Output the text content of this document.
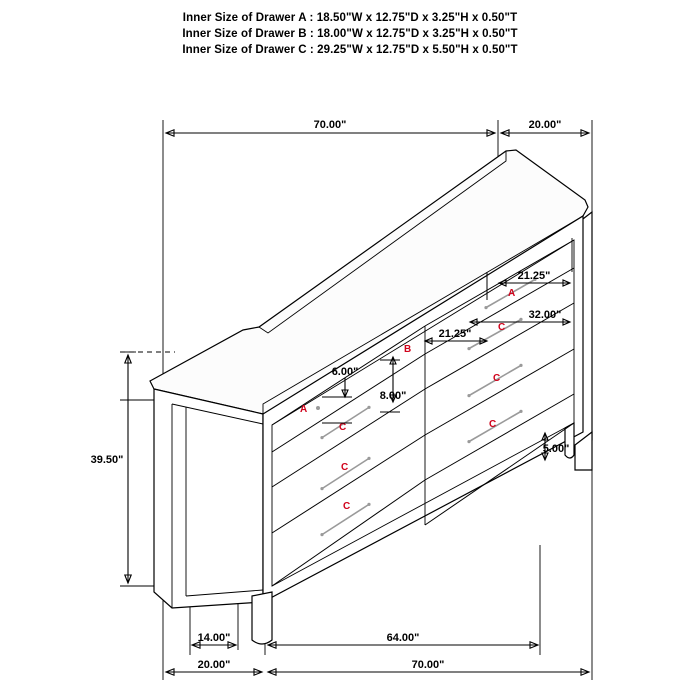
Inner Size of Drawer A : 18.50"W x 12.75"D x 3.25"H x 0.50"T
Inner Size of Drawer B : 18.00"W x 12.75"D x 3.25"H x 0.50"T
Inner Size of Drawer C : 29.25"W x 12.75"D x 5.50"H x 0.50"T
70.00"	20.00"
A
A
B
C
C
C
C
C
C
21.25"
32.00"
21.25"
6.00"
8.00"
5.00"
39.50"
14.00"	64.00"
20.00"	70.00"
